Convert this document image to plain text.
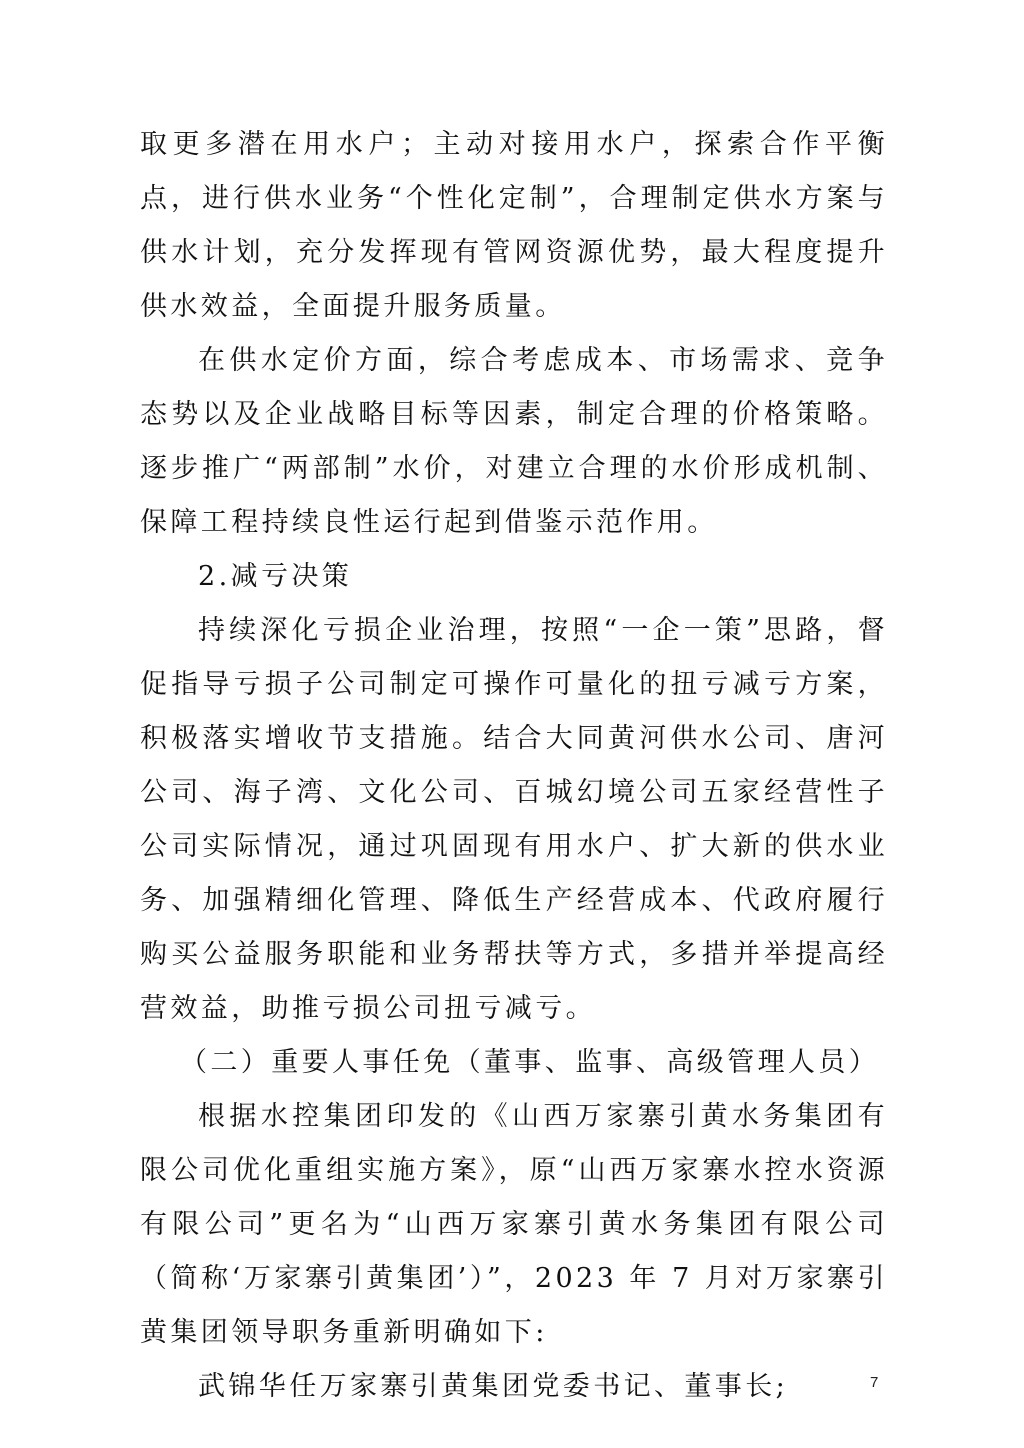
取更多潜在用水户；主动对接用水户，探索合作平衡点，进行供水业务“个性化定制”，合理制定供水方案与供水计划，充分发挥现有管网资源优势，最大程度提升供水效益，全面提升服务质量。

在供水定价方面，综合考虑成本、市场需求、竞争态势以及企业战略目标等因素，制定合理的价格策略。逐步推广“两部制”水价，对建立合理的水价形成机制、保障工程持续良性运行起到借鉴示范作用。

2.减亏决策

持续深化亏损企业治理，按照“一企一策”思路，督促指导亏损子公司制定可操作可量化的扭亏减亏方案，积极落实增收节支措施。结合大同黄河供水公司、唐河公司、海子湾、文化公司、百城幻境公司五家经营性子公司实际情况，通过巩固现有用水户、扩大新的供水业务、加强精细化管理、降低生产经营成本、代政府履行购买公益服务职能和业务帮扶等方式，多措并举提高经营效益，助推亏损公司扭亏减亏。

（二）重要人事任免（董事、监事、高级管理人员）

根据水控集团印发的《山西万家寨引黄水务集团有限公司优化重组实施方案》，原“山西万家寨水控水资源有限公司”更名为“山西万家寨引黄水务集团有限公司（简称‘万家寨引黄集团’）”，2023 年 7 月对万家寨引黄集团领导职务重新明确如下:

武锦华任万家寨引黄集团党委书记、董事长;	7
